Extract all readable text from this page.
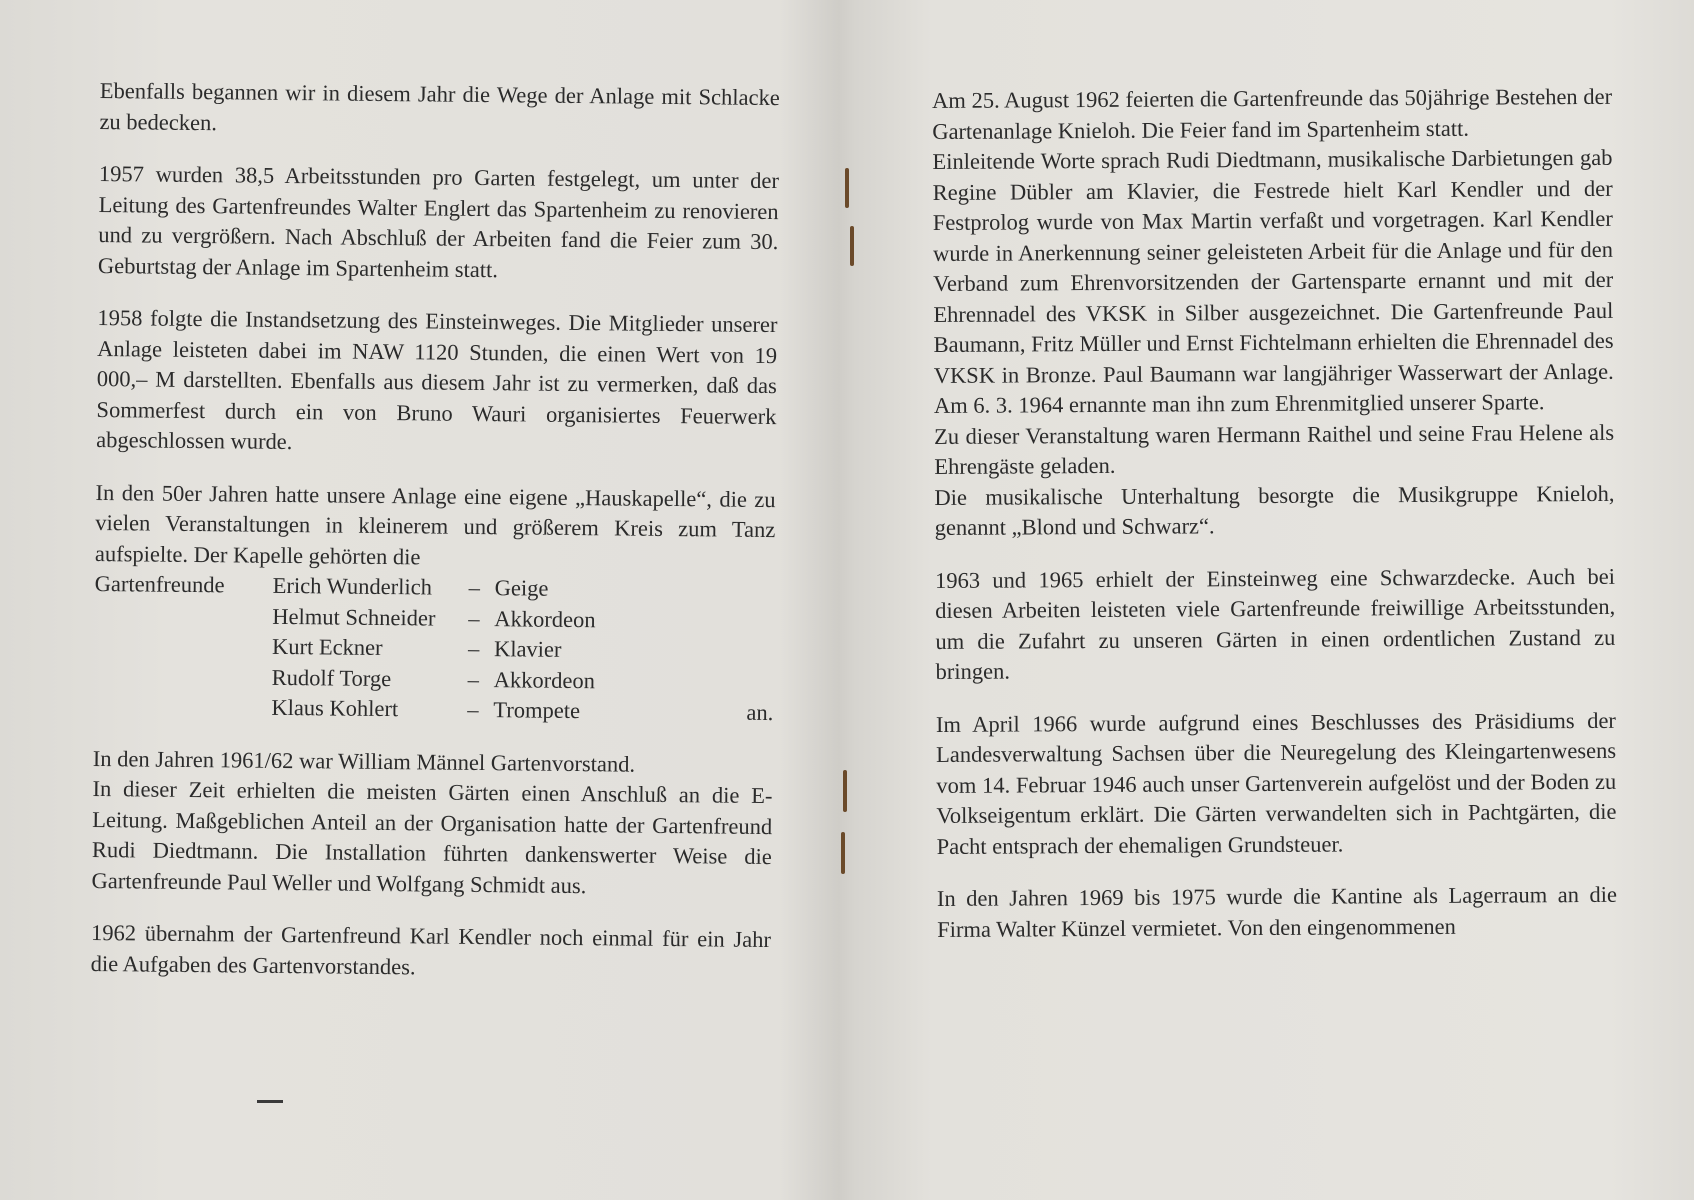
Ebenfalls begannen wir in diesem Jahr die Wege der Anlage mit Schlacke zu bedecken.

1957 wurden 38,5 Arbeitsstunden pro Garten festgelegt, um unter der Leitung des Gartenfreundes Walter Englert das Spartenheim zu renovieren und zu vergrößern. Nach Abschluß der Arbeiten fand die Feier zum 30. Geburtstag der Anlage im Spartenheim statt.

1958 folgte die Instandsetzung des Einsteinweges. Die Mitglieder unserer Anlage leisteten dabei im NAW 1120 Stunden, die einen Wert von 19 000,– M darstellten. Ebenfalls aus diesem Jahr ist zu vermerken, daß das Sommerfest durch ein von Bruno Wauri organisiertes Feuerwerk abgeschlossen wurde.

In den 50er Jahren hatte unsere Anlage eine eigene „Hauskapelle“, die zu vielen Veranstaltungen in kleinerem und größerem Kreis zum Tanz aufspielte. Der Kapelle gehörten die

Gartenfreunde	Erich Wunderlich	– Geige
Helmut Schneider	– Akkordeon
Kurt Eckner	– Klavier
Rudolf Torge	– Akkordeon
Klaus Kohlert	– Trompete	an.

In den Jahren 1961/62 war William Männel Gartenvorstand.

In dieser Zeit erhielten die meisten Gärten einen Anschluß an die E-Leitung. Maßgeblichen Anteil an der Organisation hatte der Gartenfreund Rudi Diedtmann. Die Installation führten dankenswerter Weise die Gartenfreunde Paul Weller und Wolfgang Schmidt aus.

1962 übernahm der Gartenfreund Karl Kendler noch einmal für ein Jahr die Aufgaben des Gartenvorstandes.

Am 25. August 1962 feierten die Gartenfreunde das 50jährige Bestehen der Gartenanlage Knieloh. Die Feier fand im Spartenheim statt.

Einleitende Worte sprach Rudi Diedtmann, musikalische Darbietungen gab Regine Dübler am Klavier, die Festrede hielt Karl Kendler und der Festprolog wurde von Max Martin verfaßt und vorgetragen. Karl Kendler wurde in Anerkennung seiner geleisteten Arbeit für die Anlage und für den Verband zum Ehrenvorsitzenden der Gartensparte ernannt und mit der Ehrennadel des VKSK in Silber ausgezeichnet. Die Gartenfreunde Paul Baumann, Fritz Müller und Ernst Fichtelmann erhielten die Ehrennadel des VKSK in Bronze. Paul Baumann war langjähriger Wasserwart der Anlage. Am 6. 3. 1964 ernannte man ihn zum Ehrenmitglied unserer Sparte.

Zu dieser Veranstaltung waren Hermann Raithel und seine Frau Helene als Ehrengäste geladen.

Die musikalische Unterhaltung besorgte die Musikgruppe Knieloh, genannt „Blond und Schwarz“.

1963 und 1965 erhielt der Einsteinweg eine Schwarzdecke. Auch bei diesen Arbeiten leisteten viele Gartenfreunde freiwillige Arbeitsstunden, um die Zufahrt zu unseren Gärten in einen ordentlichen Zustand zu bringen.

Im April 1966 wurde aufgrund eines Beschlusses des Präsidiums der Landesverwaltung Sachsen über die Neuregelung des Kleingartenwesens vom 14. Februar 1946 auch unser Gartenverein aufgelöst und der Boden zu Volkseigentum erklärt. Die Gärten verwandelten sich in Pachtgärten, die Pacht entsprach der ehemaligen Grundsteuer.

In den Jahren 1969 bis 1975 wurde die Kantine als Lagerraum an die Firma Walter Künzel vermietet. Von den eingenommenen
